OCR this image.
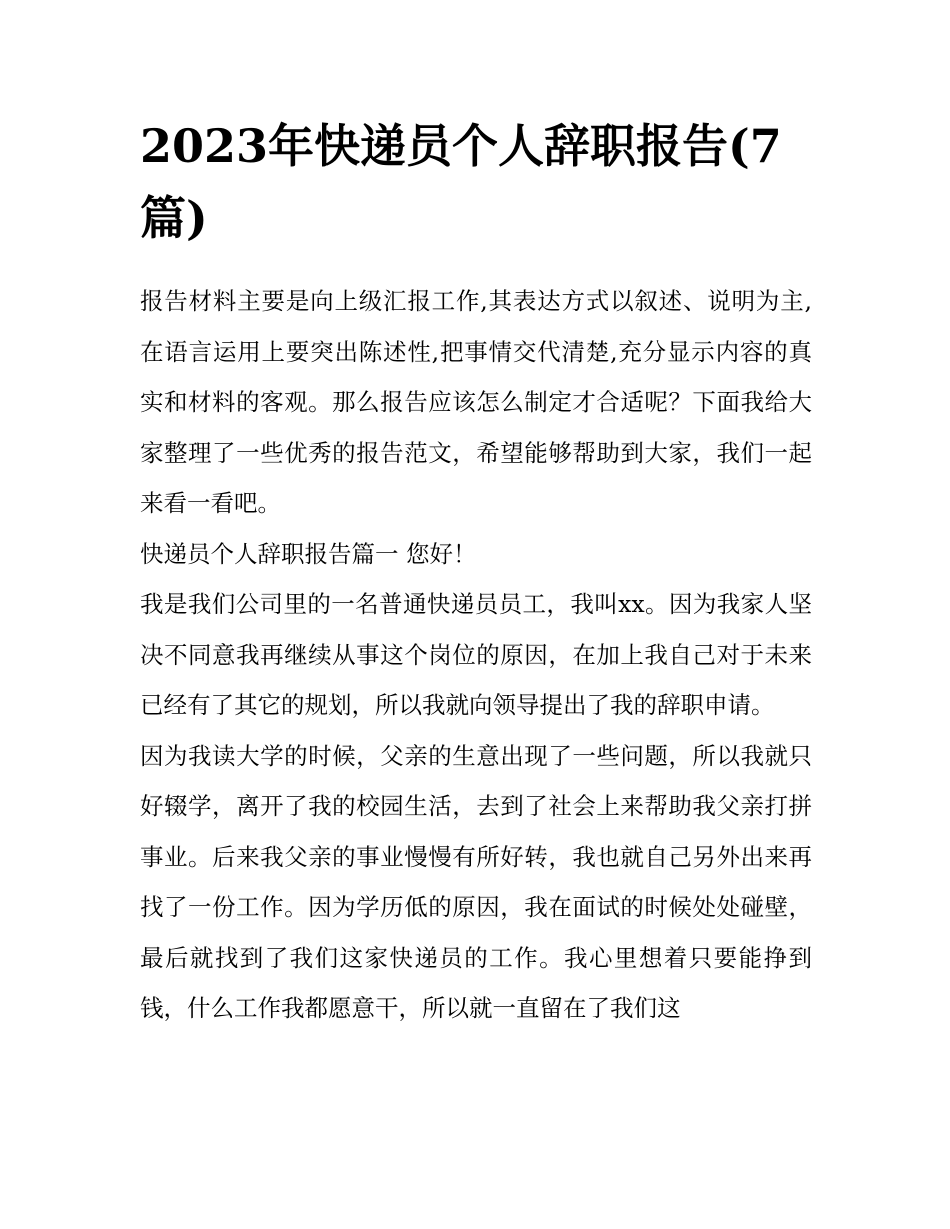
2023年快递员个人辞职报告(7篇)

报告材料主要是向上级汇报工作,其表达方式以叙述、说明为主,在语言运用上要突出陈述性,把事情交代清楚,充分显示内容的真实和材料的客观。那么报告应该怎么制定才合适呢？下面我给大家整理了一些优秀的报告范文，希望能够帮助到大家，我们一起来看一看吧。

快递员个人辞职报告篇一 您好！

我是我们公司里的一名普通快递员员工，我叫xx。因为我家人坚决不同意我再继续从事这个岗位的原因，在加上我自己对于未来已经有了其它的规划，所以我就向领导提出了我的辞职申请。

因为我读大学的时候，父亲的生意出现了一些问题，所以我就只好辍学，离开了我的校园生活，去到了社会上来帮助我父亲打拼事业。后来我父亲的事业慢慢有所好转，我也就自己另外出来再找了一份工作。因为学历低的原因，我在面试的时候处处碰壁，最后就找到了我们这家快递员的工作。我心里想着只要能挣到钱，什么工作我都愿意干，所以就一直留在了我们这
